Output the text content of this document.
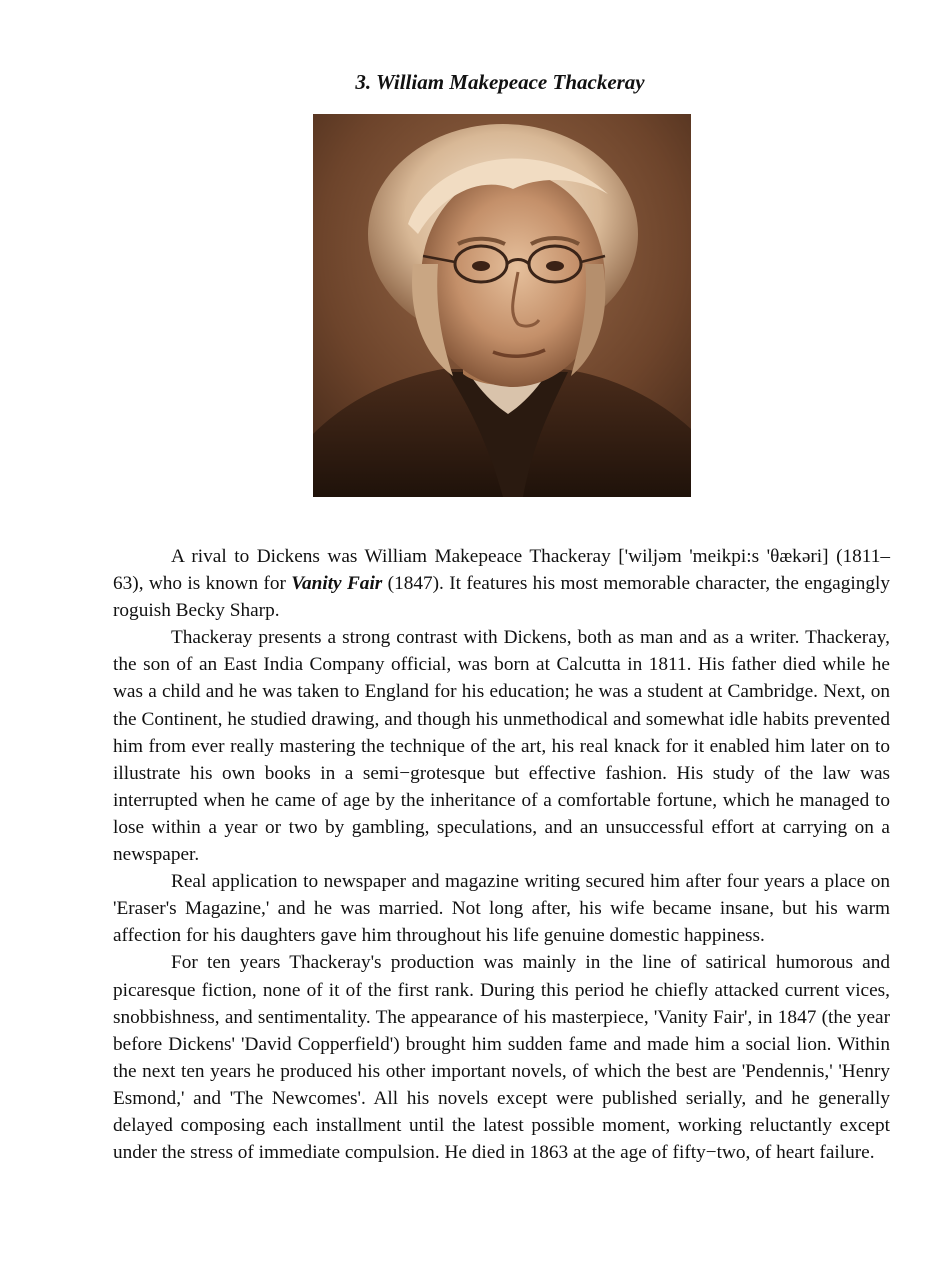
3. William Makepeace Thackeray

A rival to Dickens was William Makepeace Thackeray ['wiljəm 'meikpi:s 'θækəri] (1811–63), who is known for Vanity Fair (1847). It features his most memorable character, the engagingly roguish Becky Sharp.

Thackeray presents a strong contrast with Dickens, both as man and as a writer. Thackeray, the son of an East India Company official, was born at Calcutta in 1811. His father died while he was a child and he was taken to England for his education; he was a student at Cambridge. Next, on the Continent, he studied drawing, and though his unmethodical and somewhat idle habits prevented him from ever really mastering the technique of the art, his real knack for it enabled him later on to illustrate his own books in a semi−grotesque but effective fashion. His study of the law was interrupted when he came of age by the inheritance of a comfortable fortune, which he managed to lose within a year or two by gambling, speculations, and an unsuccessful effort at carrying on a newspaper.

Real application to newspaper and magazine writing secured him after four years a place on 'Eraser's Magazine,' and he was married. Not long after, his wife became insane, but his warm affection for his daughters gave him throughout his life genuine domestic happiness.

For ten years Thackeray's production was mainly in the line of satirical humorous and picaresque fiction, none of it of the first rank. During this period he chiefly attacked current vices, snobbishness, and sentimentality. The appearance of his masterpiece, 'Vanity Fair', in 1847 (the year before Dickens' 'David Copperfield') brought him sudden fame and made him a social lion. Within the next ten years he produced his other important novels, of which the best are 'Pendennis,' 'Henry Esmond,' and 'The Newcomes'. All his novels except were published serially, and he generally delayed composing each installment until the latest possible moment, working reluctantly except under the stress of immediate compulsion. He died in 1863 at the age of fifty−two, of heart failure.
